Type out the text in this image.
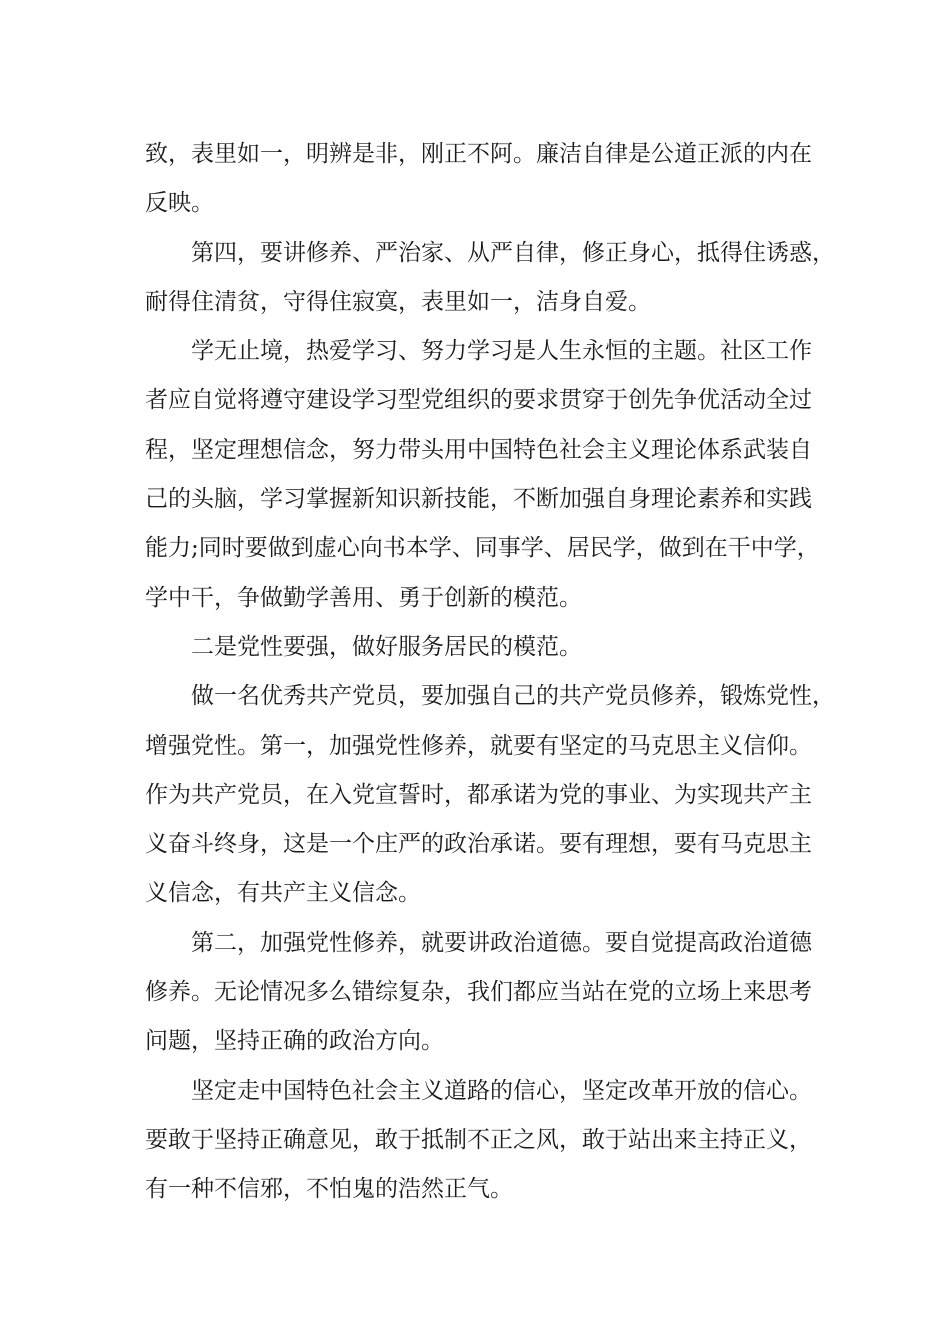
致，表里如一，明辨是非，刚正不阿。廉洁自律是公道正派的内在
反映。
第四，要讲修养、严治家、从严自律，修正身心，抵得住诱惑，
耐得住清贫，守得住寂寞，表里如一，洁身自爱。
学无止境，热爱学习、努力学习是人生永恒的主题。社区工作
者应自觉将遵守建设学习型党组织的要求贯穿于创先争优活动全过
程，坚定理想信念，努力带头用中国特色社会主义理论体系武装自
己的头脑，学习掌握新知识新技能，不断加强自身理论素养和实践
能力;同时要做到虚心向书本学、同事学、居民学，做到在干中学，
学中干，争做勤学善用、勇于创新的模范。
二是党性要强，做好服务居民的模范。
做一名优秀共产党员，要加强自己的共产党员修养，锻炼党性，
增强党性。第一，加强党性修养，就要有坚定的马克思主义信仰。
作为共产党员，在入党宣誓时，都承诺为党的事业、为实现共产主
义奋斗终身，这是一个庄严的政治承诺。要有理想，要有马克思主
义信念，有共产主义信念。
第二，加强党性修养，就要讲政治道德。要自觉提高政治道德
修养。无论情况多么错综复杂，我们都应当站在党的立场上来思考
问题，坚持正确的政治方向。
坚定走中国特色社会主义道路的信心，坚定改革开放的信心。
要敢于坚持正确意见，敢于抵制不正之风，敢于站出来主持正义，
有一种不信邪，不怕鬼的浩然正气。
